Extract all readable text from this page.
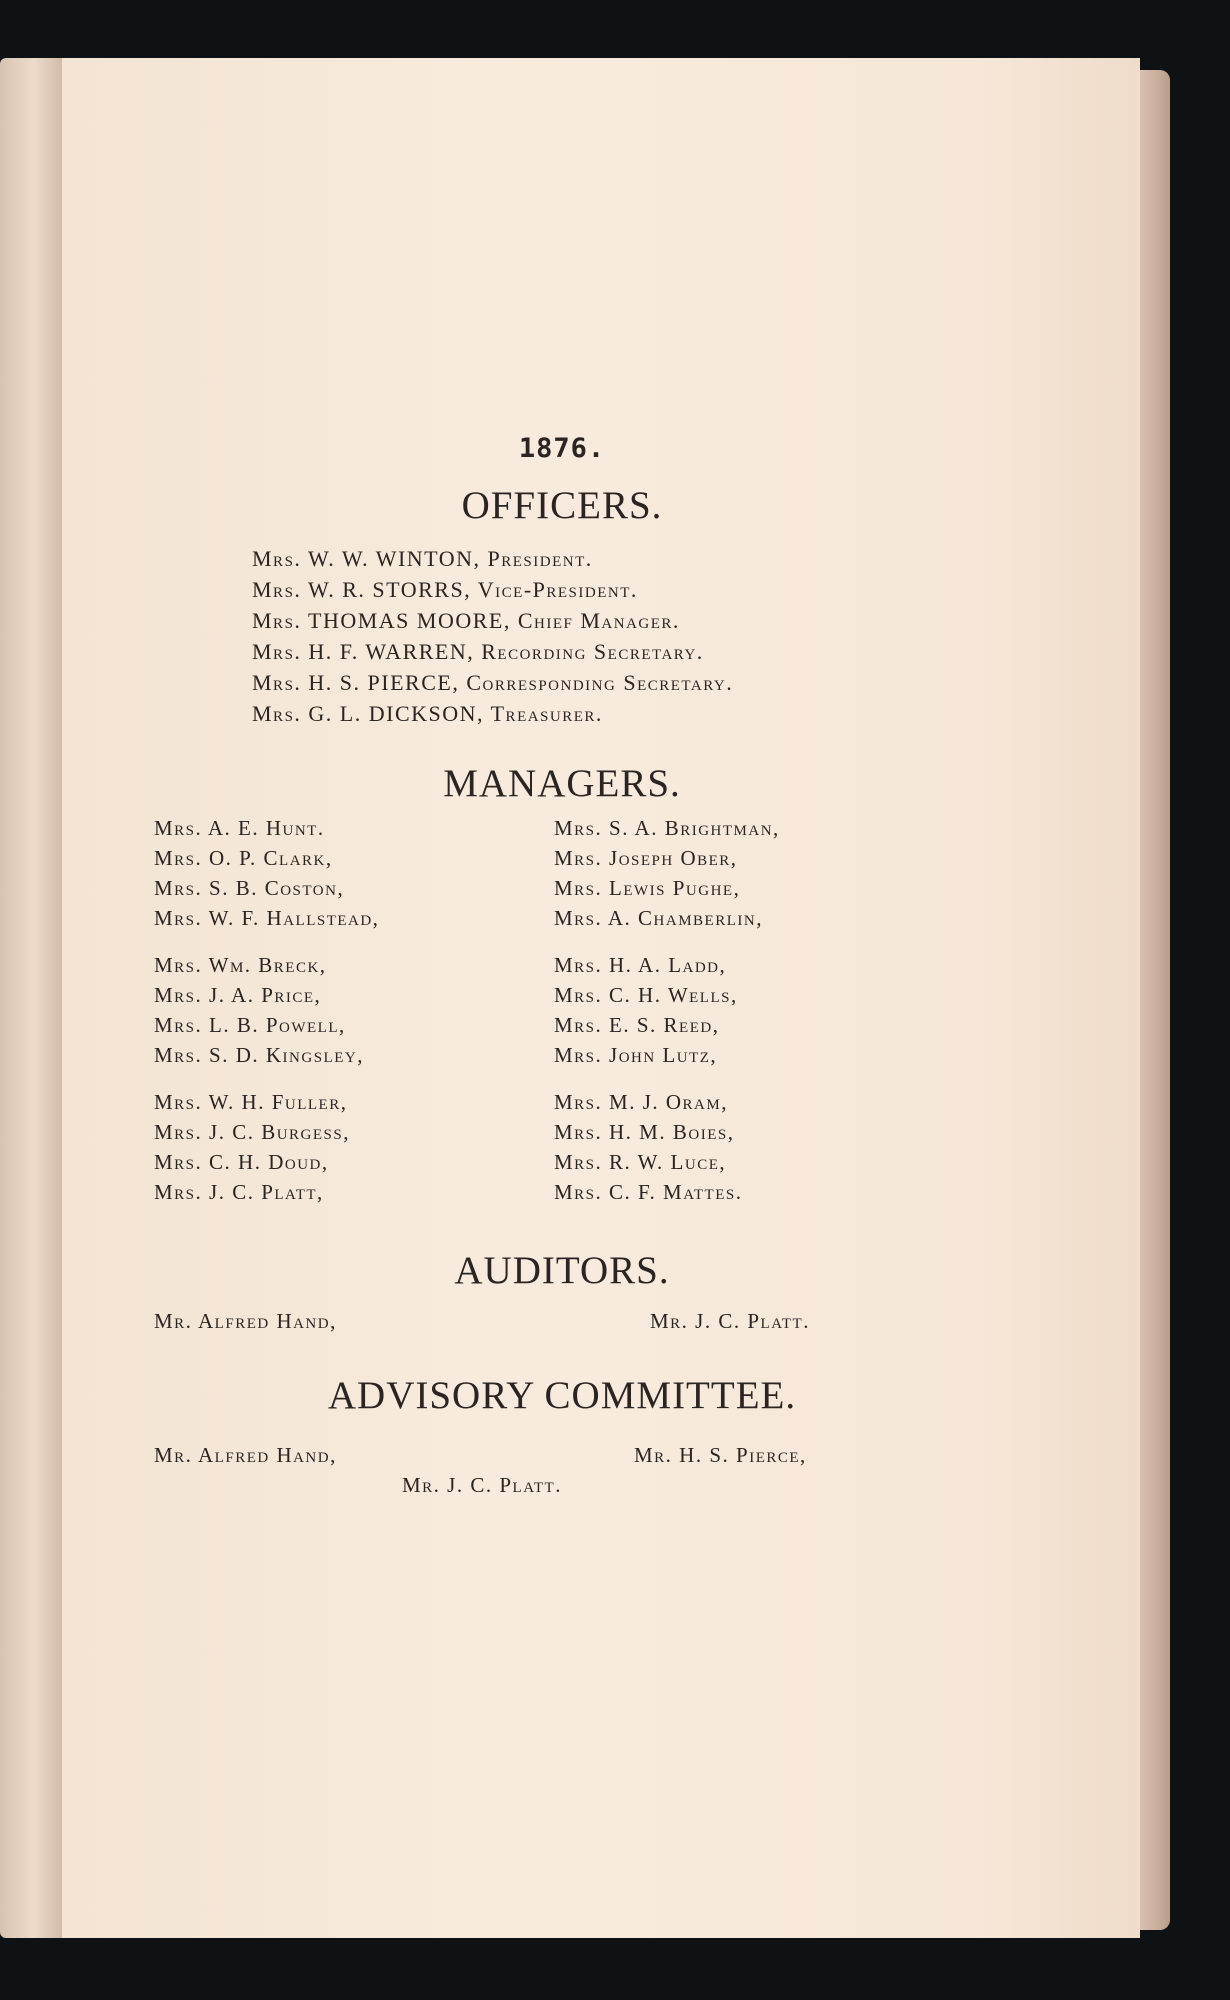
1876.
OFFICERS.
Mrs. W. W. WINTON, President.
Mrs. W. R. STORRS, Vice-President.
Mrs. THOMAS MOORE, Chief Manager.
Mrs. H. F. WARREN, Recording Secretary.
Mrs. H. S. PIERCE, Corresponding Secretary.
Mrs. G. L. DICKSON, Treasurer.
MANAGERS.
Mrs. A. E. Hunt.
Mrs. O. P. Clark,
Mrs. S. B. Coston,
Mrs. W. F. Hallstead,
Mrs. Wm. Breck,
Mrs. J. A. Price,
Mrs. L. B. Powell,
Mrs. S. D. Kingsley,
Mrs. W. H. Fuller,
Mrs. J. C. Burgess,
Mrs. C. H. Doud,
Mrs. J. C. Platt,
Mrs. S. A. Brightman,
Mrs. Joseph Ober,
Mrs. Lewis Pughe,
Mrs. A. Chamberlin,
Mrs. H. A. Ladd,
Mrs. C. H. Wells,
Mrs. E. S. Reed,
Mrs. John Lutz,
Mrs. M. J. Oram,
Mrs. H. M. Boies,
Mrs. R. W. Luce,
Mrs. C. F. Mattes.
AUDITORS.
Mr. Alfred Hand,	Mr. J. C. Platt.
ADVISORY COMMITTEE.
Mr. Alfred Hand,	Mr. H. S. Pierce,
Mr. J. C. Platt.
